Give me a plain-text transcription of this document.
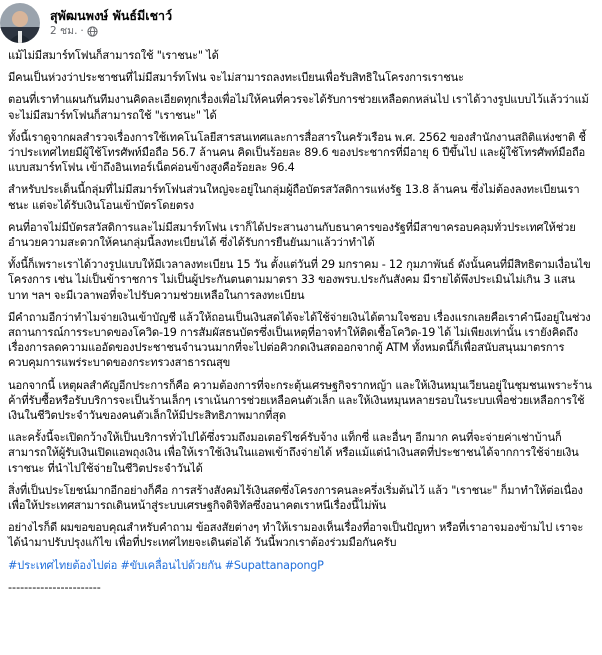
สุพัฒนพงษ์ พันธ์มีเชาว์
2 ชม. ·

แม้ไม่มีสมาร์ทโฟนก็สามารถใช้ "เราชนะ" ได้

มีคนเป็นห่วงว่าประชาชนที่ไม่มีสมาร์ทโฟน จะไม่สามารถลงทะเบียนเพื่อรับสิทธิในโครงการเราชนะ

ตอนที่เราทำแผนกันทีมงานคิดละเอียดทุกเรื่องเพื่อไม่ให้คนที่ควรจะได้รับการช่วยเหลือตกหล่นไป เราได้วางรูปแบบไว้แล้วว่าแม้จะไม่มีสมาร์ทโฟนก็สามารถใช้ "เราชนะ" ได้

ทั้งนี้เราดูจากผลสำรวจเรื่องการใช้เทคโนโลยีสารสนเทศและการสื่อสารในครัวเรือน พ.ศ. 2562 ของสำนักงานสถิติแห่งชาติ ชี้ว่าประเทศไทยมีผู้ใช้โทรศัพท์มือถือ 56.7 ล้านคน คิดเป็นร้อยละ 89.6 ของประชากรที่มีอายุ 6 ปีขึ้นไป และผู้ใช้โทรศัพท์มือถือแบบสมาร์ทโฟน เข้าถึงอินเทอร์เน็ตค่อนข้างสูงคือร้อยละ 96.4

สำหรับประเด็นนี้กลุ่มที่ไม่มีสมาร์ทโฟนส่วนใหญ่จะอยู่ในกลุ่มผู้ถือบัตรสวัสดิการแห่งรัฐ 13.8 ล้านคน ซึ่งไม่ต้องลงทะเบียนเราชนะ แต่จะได้รับเงินโอนเข้าบัตรโดยตรง

คนที่อาจไม่มีบัตรสวัสดิการและไม่มีสมาร์ทโฟน เราก็ได้ประสานงานกับธนาคารของรัฐที่มีสาขาครอบคลุมทั่วประเทศให้ช่วยอำนวยความสะดวกให้คนกลุ่มนี้ลงทะเบียนได้ ซึ่งได้รับการยืนยันมาแล้วว่าทำได้

ทั้งนี้ก็เพราะเราได้วางรูปแบบให้มีเวลาลงทะเบียน 15 วัน ตั้งแต่วันที่ 29 มกราคม - 12 กุมภาพันธ์ ดังนั้นคนที่มีสิทธิตามเงื่อนไขโครงการ เช่น ไม่เป็นข้าราชการ ไม่เป็นผู้ประกันตนตามมาตรา 33 ของพรบ.ประกันสังคม มีรายได้พึงประเมินไม่เกิน 3 แสนบาท ฯลฯ จะมีเวลาพอที่จะไปรับความช่วยเหลือในการลงทะเบียน

มีคำถามอีกว่าทำไมจ่ายเงินเข้าบัญชี แล้วให้ถอนเป็นเงินสดได้จะได้ใช้จ่ายเงินได้ตามใจชอบ เรื่องแรกเลยคือเราคำนึงอยู่ในช่วงสถานการณ์การระบาดของโควิด-19 การสัมผัสธนบัตรซึ่งเป็นเหตุที่อาจทำให้ติดเชื้อโควิด-19 ได้ ไม่เพียงเท่านั้น เรายังคิดถึงเรื่องการลดความแออัดของประชาชนจำนวนมากที่จะไปต่อคิวกดเงินสดออกจากตู้ ATM ทั้งหมดนี้ก็เพื่อสนับสนุนมาตรการควบคุมการแพร่ระบาดของกระทรวงสาธารณสุข

นอกจากนี้ เหตุผลสำคัญอีกประการก็คือ ความต้องการที่จะกระตุ้นเศรษฐกิจรากหญ้า และให้เงินหมุนเวียนอยู่ในชุมชนเพราะร้านค้าที่รับซื้อหรือรับบริการจะเป็นร้านเล็กๆ เราเน้นการช่วยเหลือคนตัวเล็ก และให้เงินหมุนหลายรอบในระบบเพื่อช่วยเหลือการใช้เงินในชีวิตประจำวันของคนตัวเล็กให้มีประสิทธิภาพมากที่สุด

และครั้งนี้จะเปิดกว้างให้เป็นบริการทั่วไปได้ซึ่งรวมถึงมอเตอร์ไซค์รับจ้าง แท็กซี่ และอื่นๆ อีกมาก คนที่จะจ่ายค่าเช่าบ้านก็สามารถให้ผู้รับเงินเปิดแอพถุงเงิน เพื่อให้เราใช้เงินในแอพเข้าถึงจ่ายได้ หรือแม้แต่นำเงินสดที่ประชาชนได้จากการใช้จ่ายเงินเราชนะ ที่นำไปใช้จ่ายในชีวิตประจำวันได้

สิ่งที่เป็นประโยชน์มากอีกอย่างก็คือ การสร้างสังคมไร้เงินสดซึ่งโครงการคนละครึ่งเริ่มต้นไว้ แล้ว "เราชนะ" ก็มาทำให้ต่อเนื่อง เพื่อให้ประเทศสามารถเดินหน้าสู่ระบบเศรษฐกิจดิจิทัลซึ่งอนาคตเราหนีเรื่องนี้ไม่พ้น

อย่างไรก็ดี ผมขอขอบคุณสำหรับคำถาม ข้อสงสัยต่างๆ ทำให้เรามองเห็นเรื่องที่อาจเป็นปัญหา หรือที่เราอาจมองข้ามไป เราจะได้นำมาปรับปรุงแก้ไข เพื่อที่ประเทศไทยจะเดินต่อได้ วันนี้พวกเราต้องร่วมมือกันครับ

#ประเทศไทยต้องไปต่อ #ขับเคลื่อนไปด้วยกัน #SupattanapongP

-----------------------
